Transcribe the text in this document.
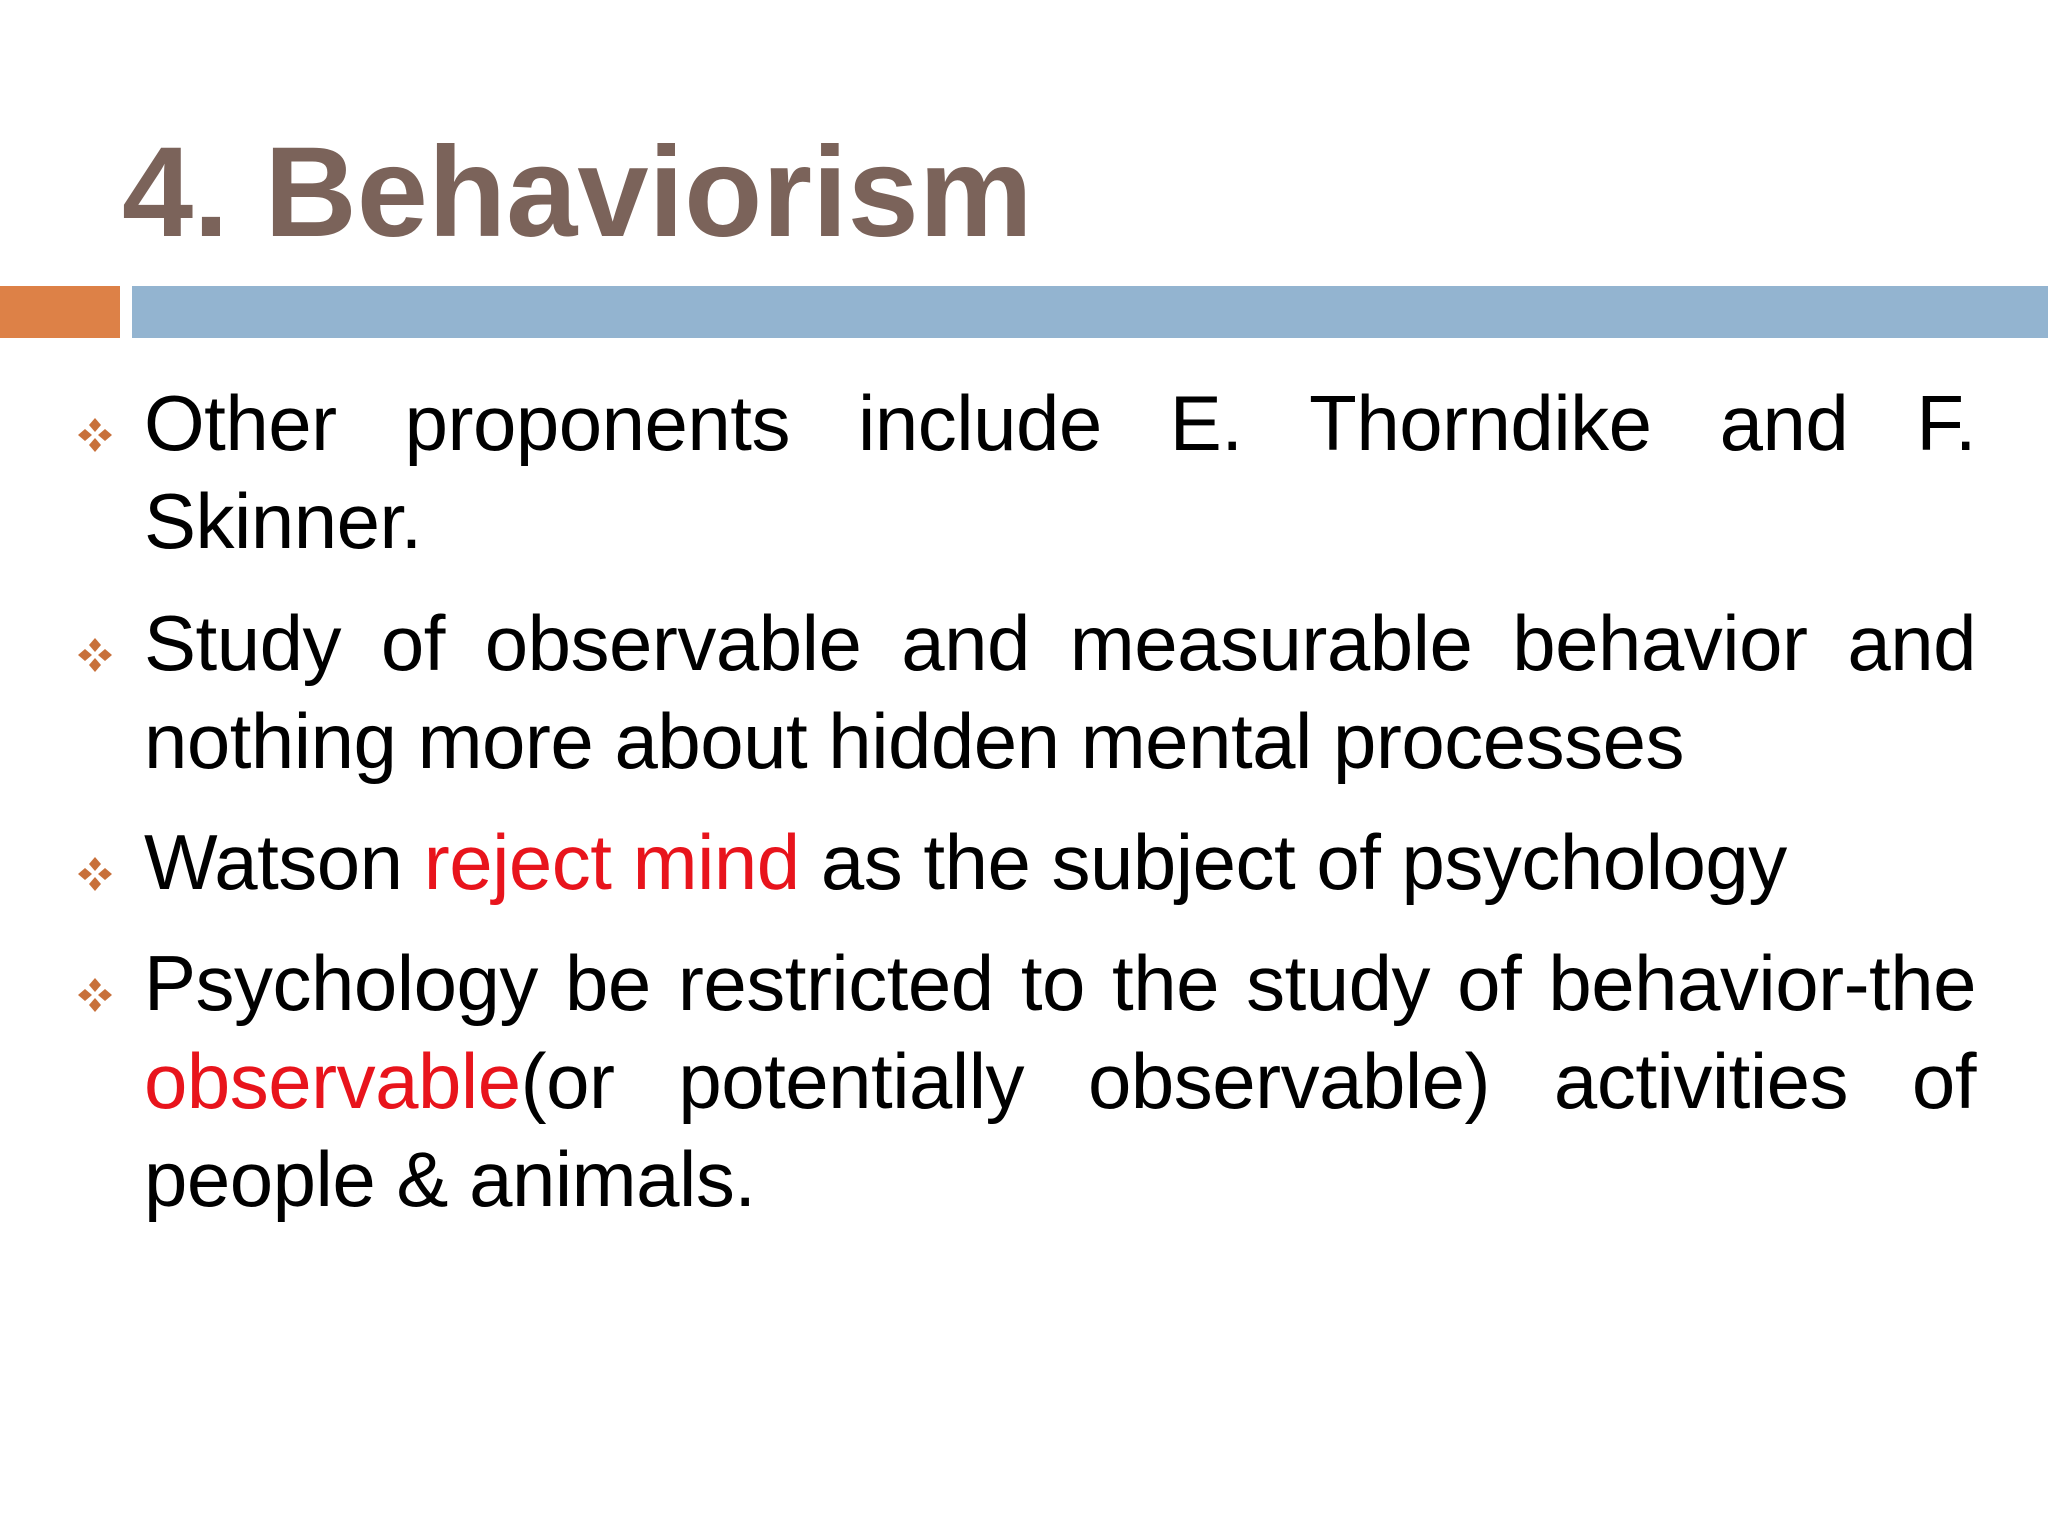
4. Behaviorism
Other proponents include E. Thorndike and F. Skinner.
Study of observable and measurable behavior and nothing more about hidden mental processes
Watson reject mind as the subject of psychology
Psychology be restricted to the study of behavior-the observable(or potentially observable) activities of people & animals.
